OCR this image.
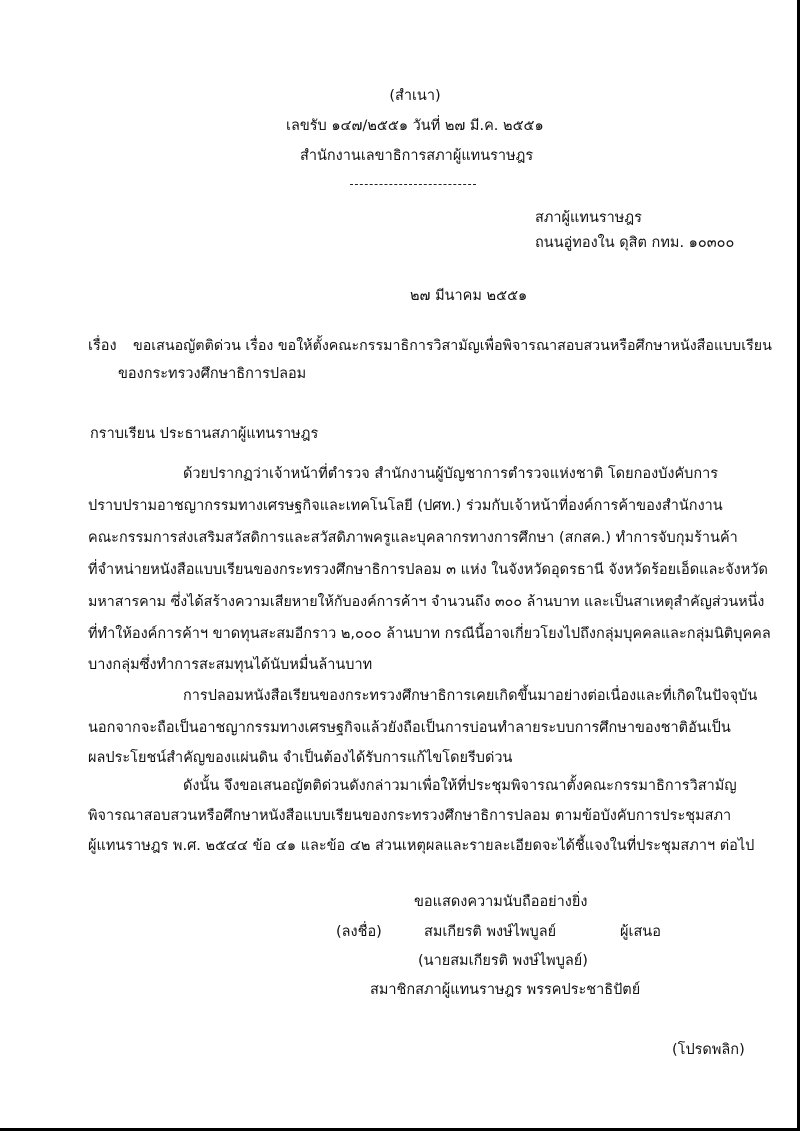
(สำเนา)
เลขรับ ๑๔๗/๒๕๕๑ วันที่ ๒๗ มี.ค. ๒๕๕๑
สำนักงานเลขาธิการสภาผู้แทนราษฎร
สภาผู้แทนราษฎร
ถนนอู่ทองใน ดุสิต กทม. ๑๐๓๐๐
๒๗ มีนาคม ๒๕๕๑
เรื่อง ขอเสนอญัตติด่วน เรื่อง ขอให้ตั้งคณะกรรมาธิการวิสามัญเพื่อพิจารณาสอบสวนหรือศึกษาหนังสือแบบเรียน
ของกระทรวงศึกษาธิการปลอม
กราบเรียน ประธานสภาผู้แทนราษฎร
ด้วยปรากฏว่าเจ้าหน้าที่ตำรวจ สำนักงานผู้บัญชาการตำรวจแห่งชาติ โดยกองบังคับการ
ปราบปรามอาชญากรรมทางเศรษฐกิจและเทคโนโลยี (ปศท.) ร่วมกับเจ้าหน้าที่องค์การค้าของสำนักงาน
คณะกรรมการส่งเสริมสวัสดิการและสวัสดิภาพครูและบุคลากรทางการศึกษา (สกสค.) ทำการจับกุมร้านค้า
ที่จำหน่ายหนังสือแบบเรียนของกระทรวงศึกษาธิการปลอม ๓ แห่ง ในจังหวัดอุดรธานี จังหวัดร้อยเอ็ดและจังหวัด
มหาสารคาม ซึ่งได้สร้างความเสียหายให้กับองค์การค้าฯ จำนวนถึง ๓๐๐ ล้านบาท และเป็นสาเหตุสำคัญส่วนหนึ่ง
ที่ทำให้องค์การค้าฯ ขาดทุนสะสมอีกราว ๒,๐๐๐ ล้านบาท กรณีนี้อาจเกี่ยวโยงไปถึงกลุ่มบุคคลและกลุ่มนิติบุคคล
บางกลุ่มซึ่งทำการสะสมทุนได้นับหมื่นล้านบาท
การปลอมหนังสือเรียนของกระทรวงศึกษาธิการเคยเกิดขึ้นมาอย่างต่อเนื่องและที่เกิดในปัจจุบัน
นอกจากจะถือเป็นอาชญากรรมทางเศรษฐกิจแล้วยังถือเป็นการบ่อนทำลายระบบการศึกษาของชาติอันเป็น
ผลประโยชน์สำคัญของแผ่นดิน จำเป็นต้องได้รับการแก้ไขโดยรีบด่วน
ดังนั้น จึงขอเสนอญัตติด่วนดังกล่าวมาเพื่อให้ที่ประชุมพิจารณาตั้งคณะกรรมาธิการวิสามัญ
พิจารณาสอบสวนหรือศึกษาหนังสือแบบเรียนของกระทรวงศึกษาธิการปลอม ตามข้อบังคับการประชุมสภา
ผู้แทนราษฎร พ.ศ. ๒๕๔๔ ข้อ ๔๑ และข้อ ๔๒ ส่วนเหตุผลและรายละเอียดจะได้ชี้แจงในที่ประชุมสภาฯ ต่อไป
ขอแสดงความนับถืออย่างยิ่ง
(ลงชื่อ)	สมเกียรติ พงษ์ไพบูลย์	ผู้เสนอ
(นายสมเกียรติ พงษ์ไพบูลย์)
สมาชิกสภาผู้แทนราษฎร พรรคประชาธิปัตย์
(โปรดพลิก)
